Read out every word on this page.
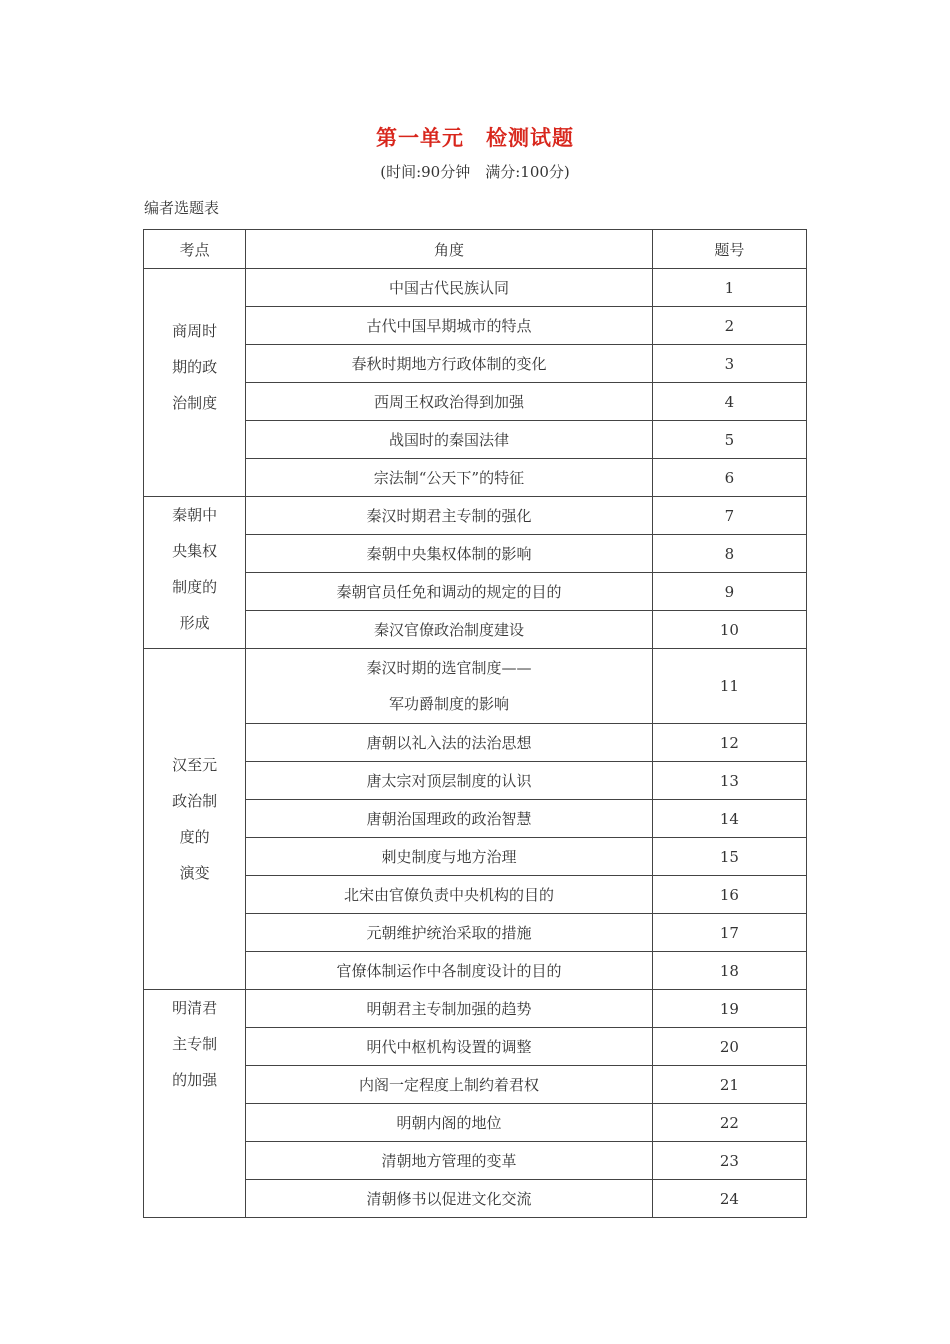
第一单元　检测试题
(时间:90分钟　满分:100分)
编者选题表
考点	角度	题号

商周时
期的政
治制度	中国古代民族认同	1

	古代中国早期城市的特点	2

	春秋时期地方行政体制的变化	3

	西周王权政治得到加强	4

	战国时的秦国法律	5

	宗法制“公天下”的特征	6

秦朝中
央集权
制度的
形成	秦汉时期君主专制的强化	7

	秦朝中央集权体制的影响	8

	秦朝官员任免和调动的规定的目的	9

	秦汉官僚政治制度建设	10

汉至元
政治制
度的
演变	秦汉时期的选官制度——
军功爵制度的影响	11

	唐朝以礼入法的法治思想	12

	唐太宗对顶层制度的认识	13

	唐朝治国理政的政治智慧	14

	刺史制度与地方治理	15

	北宋由官僚负责中央机构的目的	16

	元朝维护统治采取的措施	17

	官僚体制运作中各制度设计的目的	18

明清君
主专制
的加强	明朝君主专制加强的趋势	19

	明代中枢机构设置的调整	20

	内阁一定程度上制约着君权	21

	明朝内阁的地位	22

	清朝地方管理的变革	23

	清朝修书以促进文化交流	24
